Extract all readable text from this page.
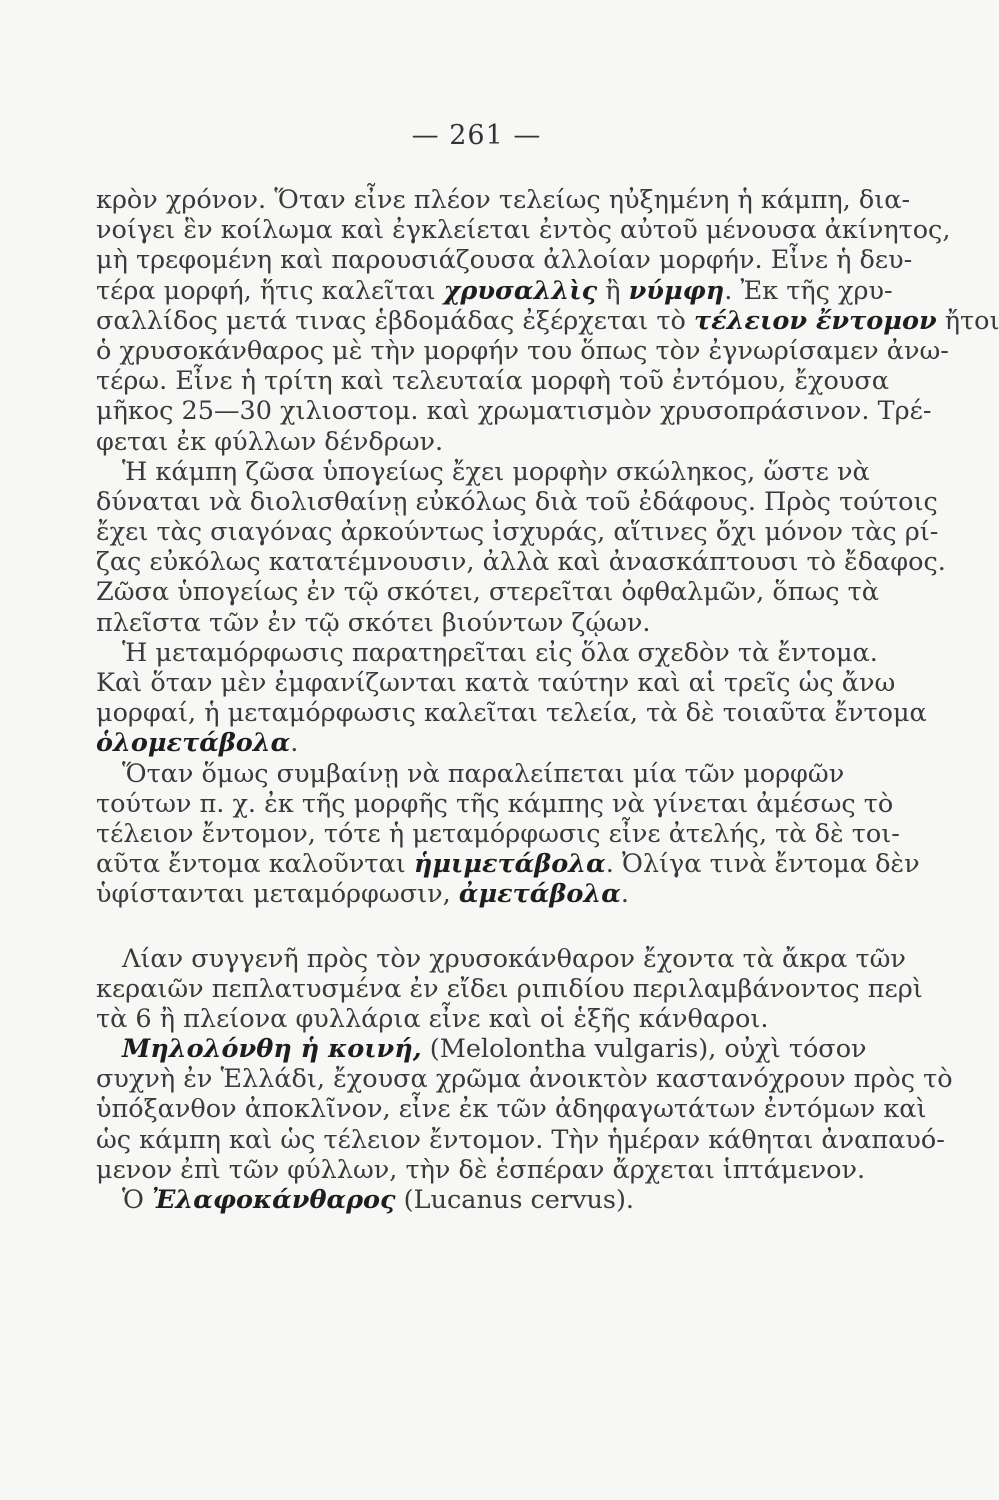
— 261 —
κρὸν χρόνον. Ὅταν εἶνε πλέον τελείως ηὐξημένη ἡ κάμπη, δια-
νοίγει ἓν κοίλωμα καὶ ἐγκλείεται ἐντὸς αὐτοῦ μένουσα ἀκίνητος,
μὴ τρεφομένη καὶ παρουσιάζουσα ἀλλοίαν μορφήν. Εἶνε ἡ δευ-
τέρα μορφή, ἥτις καλεῖται χρυσαλλὶς ἢ νύμφη. Ἐκ τῆς χρυ-
σαλλίδος μετά τινας ἑβδομάδας ἐξέρχεται τὸ τέλειον ἔντομον ἤτοι
ὁ χρυσοκάνθαρος μὲ τὴν μορφήν του ὅπως τὸν ἐγνωρίσαμεν ἀνω-
τέρω. Εἶνε ἡ τρίτη καὶ τελευταία μορφὴ τοῦ ἐντόμου, ἔχουσα
μῆκος 25—30 χιλιοστομ. καὶ χρωματισμὸν χρυσοπράσινον. Τρέ-
φεται ἐκ φύλλων δένδρων.
Ἡ κάμπη ζῶσα ὑπογείως ἔχει μορφὴν σκώληκος, ὥστε νὰ
δύναται νὰ διολισθαίνῃ εὐκόλως διὰ τοῦ ἐδάφους. Πρὸς τούτοις
ἔχει τὰς σιαγόνας ἀρκούντως ἰσχυράς, αἵτινες ὄχι μόνον τὰς ρί-
ζας εὐκόλως κατατέμνουσιν, ἀλλὰ καὶ ἀνασκάπτουσι τὸ ἔδαφος.
Ζῶσα ὑπογείως ἐν τῷ σκότει, στερεῖται ὀφθαλμῶν, ὅπως τὰ
πλεῖστα τῶν ἐν τῷ σκότει βιούντων ζῴων.
Ἡ μεταμόρφωσις παρατηρεῖται εἰς ὅλα σχεδὸν τὰ ἔντομα.
Καὶ ὅταν μὲν ἐμφανίζωνται κατὰ ταύτην καὶ αἱ τρεῖς ὡς ἄνω
μορφαί, ἡ μεταμόρφωσις καλεῖται τελεία, τὰ δὲ τοιαῦτα ἔντομα
ὁλομετάβολα.
Ὅταν ὅμως συμβαίνῃ νὰ παραλείπεται μία τῶν μορφῶν
τούτων π. χ. ἐκ τῆς μορφῆς τῆς κάμπης νὰ γίνεται ἀμέσως τὸ
τέλειον ἔντομον, τότε ἡ μεταμόρφωσις εἶνε ἀτελής, τὰ δὲ τοι-
αῦτα ἔντομα καλοῦνται ἡμιμετάβολα. Ὀλίγα τινὰ ἔντομα δὲν
ὑφίστανται μεταμόρφωσιν, ἀμετάβολα.
Λίαν συγγενῆ πρὸς τὸν χρυσοκάνθαρον ἔχοντα τὰ ἄκρα τῶν
κεραιῶν πεπλατυσμένα ἐν εἴδει ριπιδίου περιλαμβάνοντος περὶ
τὰ 6 ἢ πλείονα φυλλάρια εἶνε καὶ οἱ ἑξῆς κάνθαροι.
Μηλολόνθη ἡ κοινή, (Melolontha vulgaris), οὐχὶ τόσον
συχνὴ ἐν Ἑλλάδι, ἔχουσα χρῶμα ἀνοικτὸν καστανόχρουν πρὸς τὸ
ὑπόξανθον ἀποκλῖνον, εἶνε ἐκ τῶν ἀδηφαγωτάτων ἐντόμων καὶ
ὡς κάμπη καὶ ὡς τέλειον ἔντομον. Τὴν ἡμέραν κάθηται ἀναπαυό-
μενον ἐπὶ τῶν φύλλων, τὴν δὲ ἑσπέραν ἄρχεται ἱπτάμενον.
Ὁ Ἐλαφοκάνθαρος (Lucanus cervus).
